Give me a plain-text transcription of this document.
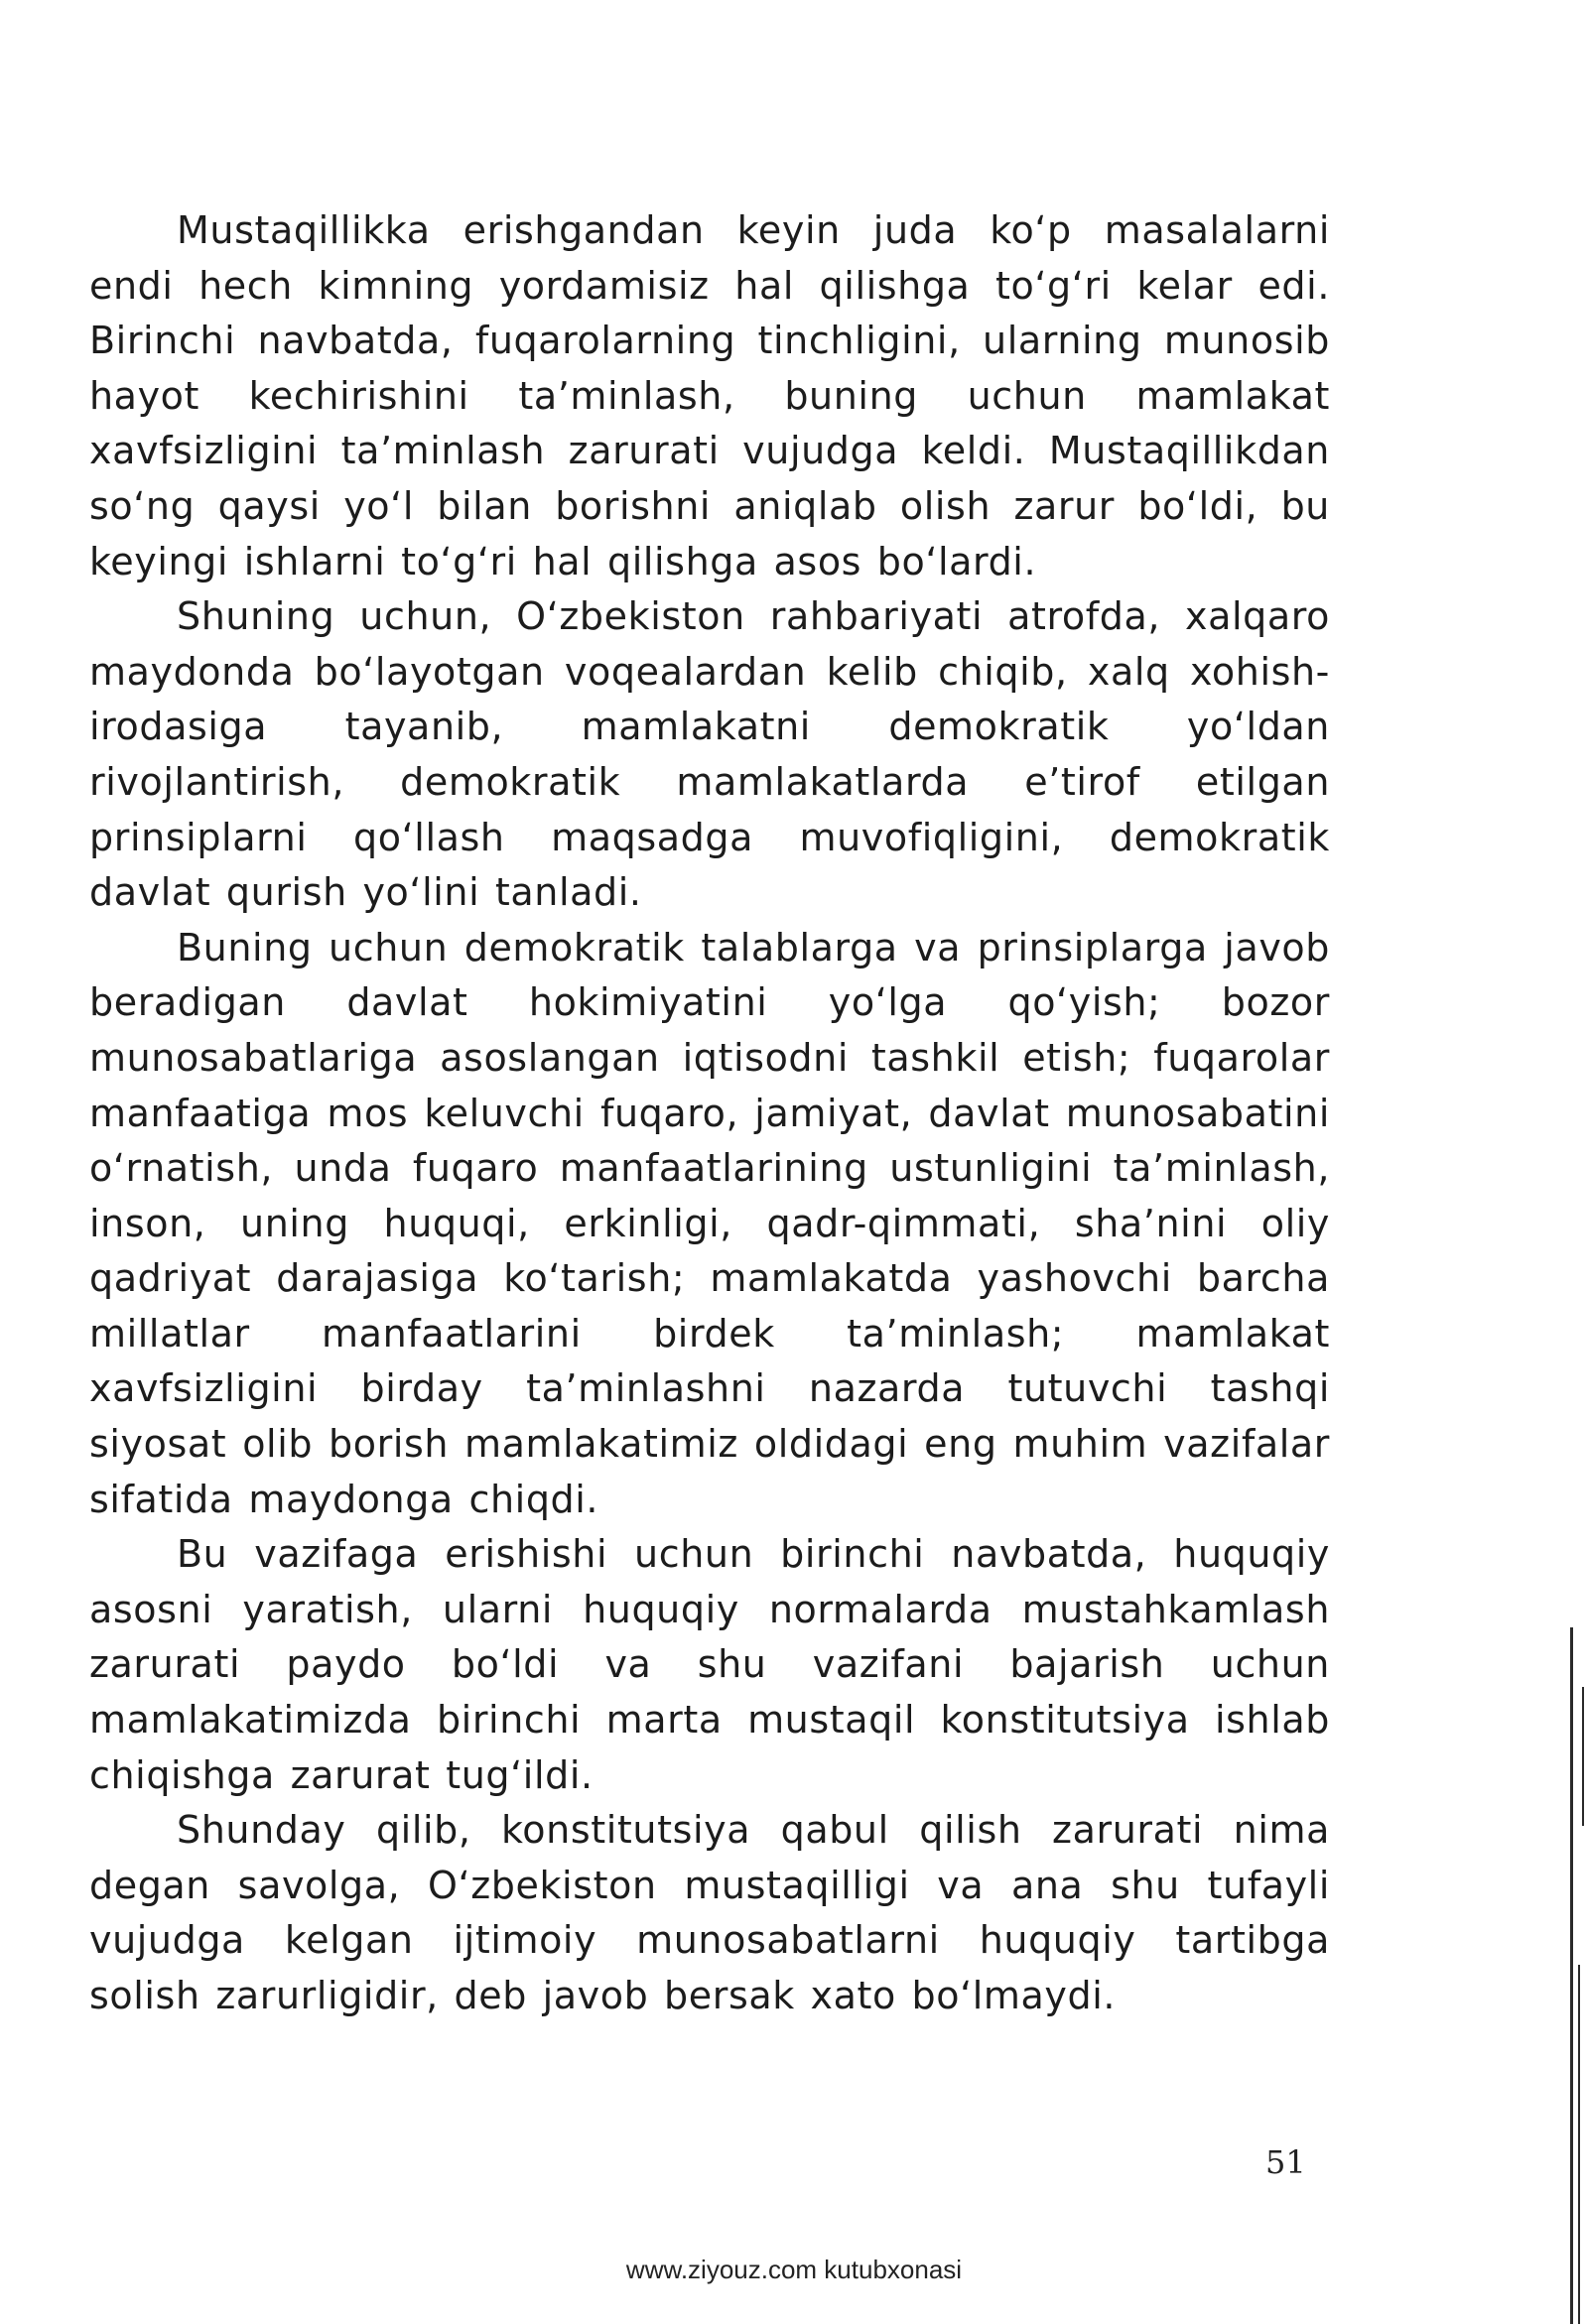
Mustaqillikka erishgandan keyin juda ko‘p masalalarni endi hech kimning yordamisiz hal qilishga to‘g‘ri kelar edi. Birinchi navbatda, fuqarolarning tinchligini, ularning munosib hayot kechirishini ta’minlash, buning uchun mamlakat xavfsizligini ta’minlash zarurati vujudga keldi. Mustaqillikdan so‘ng qaysi yo‘l bilan borishni aniqlab olish zarur bo‘ldi, bu keyingi ishlarni to‘g‘ri hal qilishga asos bo‘lardi.

Shuning uchun, O‘zbekiston rahbariyati atrofda, xalqaro maydonda bo‘layotgan voqealardan kelib chiqib, xalq xohish-irodasiga tayanib, mamlakatni demokratik yo‘ldan rivojlantirish, demokratik mamlakatlarda e’tirof etilgan prinsiplarni qo‘llash maqsadga muvofiqligini, demokratik davlat qurish yo‘lini tanladi.

Buning uchun demokratik talablarga va prinsiplarga javob beradigan davlat hokimiyatini yo‘lga qo‘yish; bozor munosabatlariga asoslangan iqtisodni tashkil etish; fuqarolar manfaatiga mos keluvchi fuqaro, jamiyat, davlat munosabatini o‘rnatish, unda fuqaro manfaatlarining ustunligini ta’minlash, inson, uning huquqi, erkinligi, qadr-qimmati, sha’nini oliy qadriyat darajasiga ko‘tarish; mamlakatda yashovchi barcha millatlar manfaatlarini birdek ta’minlash; mamlakat xavfsizligini birday ta’minlashni nazarda tutuvchi tashqi siyosat olib borish mamlakatimiz oldidagi eng muhim vazifalar sifatida maydonga chiqdi.

Bu vazifaga erishishi uchun birinchi navbatda, huquqiy asosni yaratish, ularni huquqiy normalarda mustahkamlash zarurati paydo bo‘ldi va shu vazifani bajarish uchun mamlakatimizda birinchi marta mustaqil konstitutsiya ishlab chiqishga zarurat tug‘ildi.

Shunday qilib, konstitutsiya qabul qilish zarurati nima degan savolga, O‘zbekiston mustaqilligi va ana shu tufayli vujudga kelgan ijtimoiy munosabatlarni huquqiy tartibga solish zarurligidir, deb javob bersak xato bo‘lmaydi.

51
www.ziyouz.com kutubxonasi
